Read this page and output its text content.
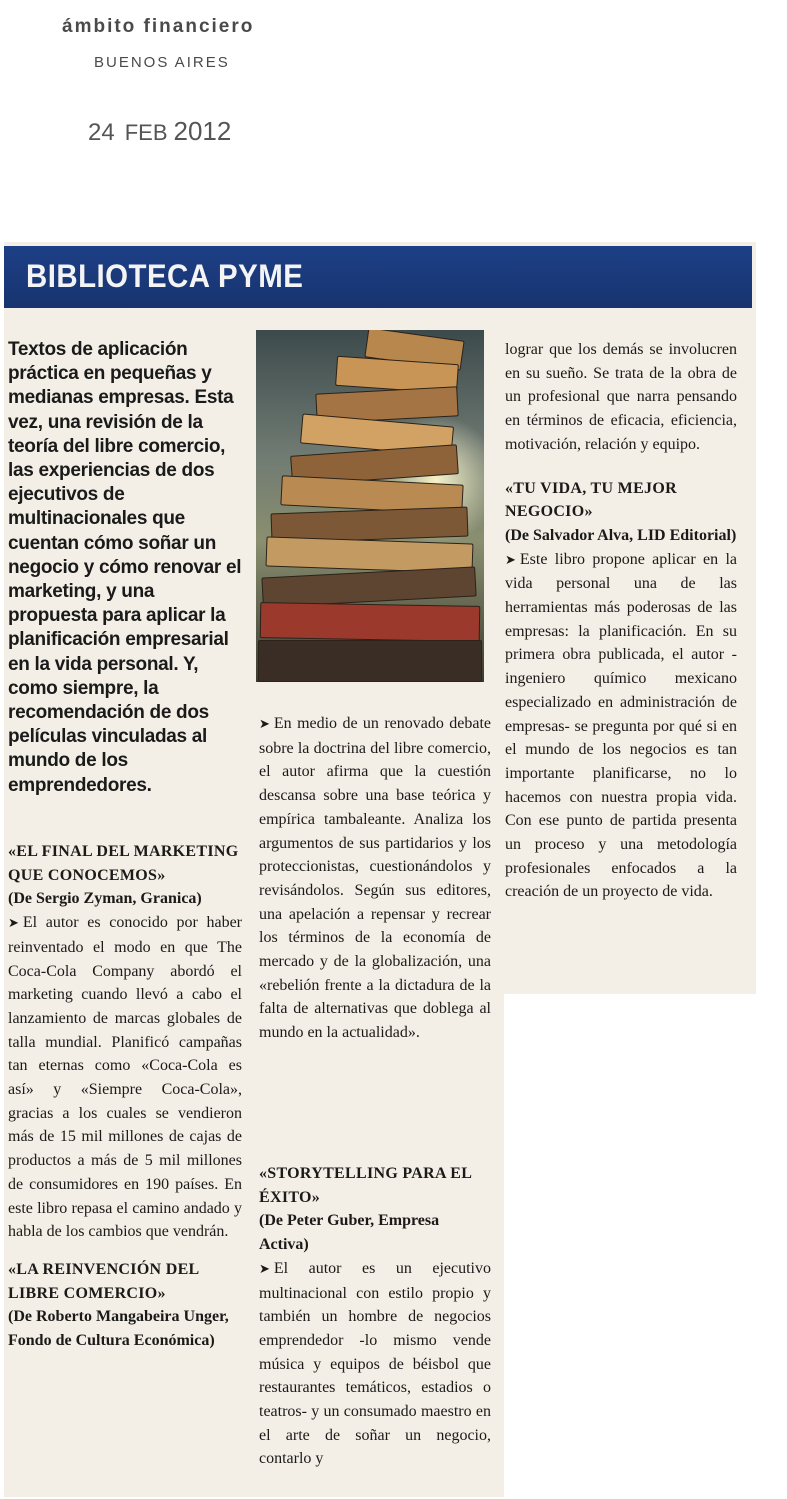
ámbito financiero
BUENOS AIRES
24 FEB 2012
BIBLIOTECA PYME
Textos de aplicación práctica en pequeñas y medianas empresas. Esta vez, una revisión de la teoría del libre comercio, las experiencias de dos ejecutivos de multinacionales que cuentan cómo soñar un negocio y cómo renovar el marketing, y una propuesta para aplicar la planificación empresarial en la vida personal. Y, como siempre, la recomendación de dos películas vinculadas al mundo de los emprendedores.

«EL FINAL DEL MARKETING QUE CONOCEMOS»

(De Sergio Zyman, Granica)

➤ El autor es conocido por haber reinventado el modo en que The Coca-Cola Company abordó el marketing cuando llevó a cabo el lanzamiento de marcas globales de talla mundial. Planificó campañas tan eternas como «Coca-Cola es así» y «Siempre Coca-Cola», gracias a los cuales se vendieron más de 15 mil millones de cajas de productos a más de 5 mil millones de consumidores en 190 países. En este libro repasa el camino andado y habla de los cambios que vendrán.

«LA REINVENCIÓN DEL LIBRE COMERCIO»

(De Roberto Mangabeira Unger, Fondo de Cultura Económica)

➤ En medio de un renovado debate sobre la doctrina del libre comercio, el autor afirma que la cuestión descansa sobre una base teórica y empírica tambaleante. Analiza los argumentos de sus partidarios y los proteccionistas, cuestionándolos y revisándolos. Según sus editores, una apelación a repensar y recrear los términos de la economía de mercado y de la globalización, una «rebelión frente a la dictadura de la falta de alternativas que doblega al mundo en la actualidad».

«STORYTELLING PARA EL ÉXITO»

(De Peter Guber, Empresa Activa)

➤ El autor es un ejecutivo multinacional con estilo propio y también un hombre de negocios emprendedor -lo mismo vende música y equipos de béisbol que restaurantes temáticos, estadios o teatros- y un consumado maestro en el arte de soñar un negocio, contarlo y

lograr que los demás se involucren en su sueño. Se trata de la obra de un profesional que narra pensando en términos de eficacia, eficiencia, motivación, relación y equipo.

«TU VIDA, TU MEJOR NEGOCIO»

(De Salvador Alva, LID Editorial)

➤ Este libro propone aplicar en la vida personal una de las herramientas más poderosas de las empresas: la planificación. En su primera obra publicada, el autor -ingeniero químico mexicano especializado en administración de empresas- se pregunta por qué si en el mundo de los negocios es tan importante planificarse, no lo hacemos con nuestra propia vida. Con ese punto de partida presenta un proceso y una metodología profesionales enfocados a la creación de un proyecto de vida.
